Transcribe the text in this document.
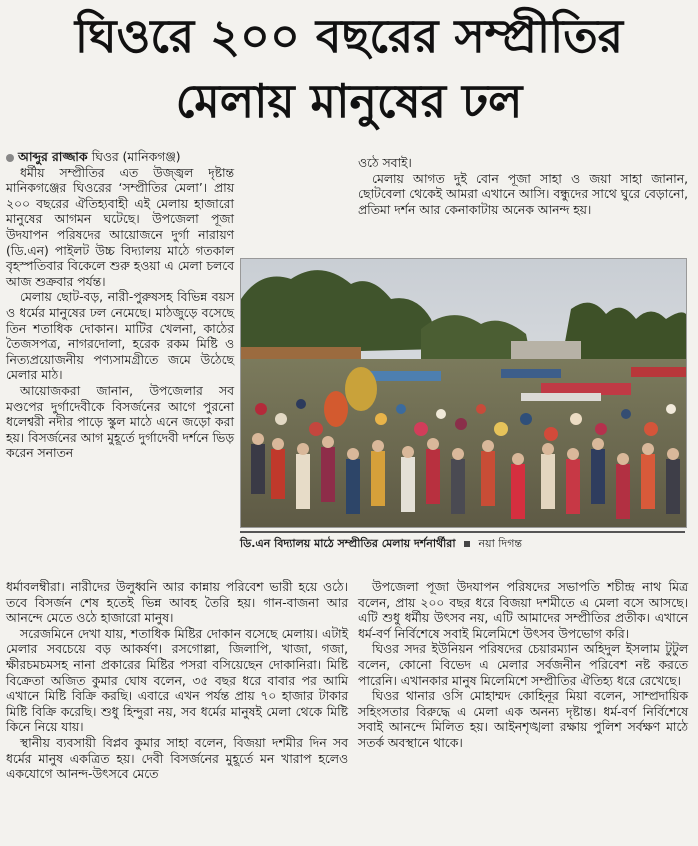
ঘিওরে ২০০ বছরের সম্প্রীতির
মেলায় মানুষের ঢল

আব্দুর রাজ্জাক ঘিওর (মানিকগঞ্জ)

ধর্মীয় সম্প্রীতির এত উজ্জ্বল দৃষ্টান্ত মানিকগঞ্জের ঘিওরের ‘সম্প্রীতির মেলা’। প্রায় ২০০ বছরের ঐতিহ্যবাহী এই মেলায় হাজারো মানুষের আগমন ঘটেছে। উপজেলা পূজা উদযাপন পরিষদের আয়োজনে দুর্গা নারায়ণ (ডি.এন) পাইলট উচ্চ বিদ্যালয় মাঠে গতকাল বৃহস্পতিবার বিকেলে শুরু হওয়া এ মেলা চলবে আজ শুক্রবার পর্যন্ত।

মেলায় ছোট-বড়, নারী-পুরুষসহ বিভিন্ন বয়স ও ধর্মের মানুষের ঢল নেমেছে। মাঠজুড়ে বসেছে তিন শতাধিক দোকান। মাটির খেলনা, কাঠের তৈজসপত্র, নাগরদোলা, হরেক রকম মিষ্টি ও নিত্যপ্রয়োজনীয় পণ্যসামগ্রীতে জমে উঠেছে মেলার মাঠ।

আয়োজকরা জানান, উপজেলার সব মণ্ডপের দুর্গাদেবীকে বিসর্জনের আগে পুরনো ধলেশ্বরী নদীর পাড়ে স্কুল মাঠে এনে জড়ো করা হয়। বিসর্জনের আগ মুহূর্তে দুর্গাদেবী দর্শনে ভিড় করেন সনাতন

ওঠে সবাই।

মেলায় আগত দুই বোন পূজা সাহা ও জয়া সাহা জানান, ছোটবেলা থেকেই আমরা এখানে আসি। বন্ধুদের সাথে ঘুরে বেড়ানো, প্রতিমা দর্শন আর কেনাকাটায় অনেক আনন্দ হয়।

ডি.এন বিদ্যালয় মাঠে সম্প্রীতির মেলায় দর্শনার্থীরা নয়া দিগন্ত

ধর্মাবলম্বীরা। নারীদের উলুধ্বনি আর কান্নায় পরিবেশ ভারী হয়ে ওঠে। তবে বিসর্জন শেষ হতেই ভিন্ন আবহ তৈরি হয়। গান-বাজনা আর আনন্দে মেতে ওঠে হাজারো মানুষ।

সরেজমিনে দেখা যায়, শতাধিক মিষ্টির দোকান বসেছে মেলায়। এটাই মেলার সবচেয়ে বড় আকর্ষণ। রসগোল্লা, জিলাপি, খাজা, গজা, ক্ষীরচমচমসহ নানা প্রকারের মিষ্টির পসরা বসিয়েছেন দোকানিরা। মিষ্টি বিক্রেতা অজিত কুমার ঘোষ বলেন, ৩৫ বছর ধরে বাবার পর আমি এখানে মিষ্টি বিক্রি করছি। এবারে এখন পর্যন্ত প্রায় ৭০ হাজার টাকার মিষ্টি বিক্রি করেছি। শুধু হিন্দুরা নয়, সব ধর্মের মানুষই মেলা থেকে মিষ্টি কিনে নিয়ে যায়।

স্থানীয় ব্যবসায়ী বিপ্লব কুমার সাহা বলেন, বিজয়া দশমীর দিন সব ধর্মের মানুষ একত্রিত হয়। দেবী বিসর্জনের মুহূর্তে মন খারাপ হলেও একযোগে আনন্দ-উৎসবে মেতে

উপজেলা পূজা উদযাপন পরিষদের সভাপতি শচীন্দ্র নাথ মিত্র বলেন, প্রায় ২০০ বছর ধরে বিজয়া দশমীতে এ মেলা বসে আসছে। এটি শুধু ধর্মীয় উৎসব নয়, এটি আমাদের সম্প্রীতির প্রতীক। এখানে ধর্ম-বর্ণ নির্বিশেষে সবাই মিলেমিশে উৎসব উপভোগ করি।

ঘিওর সদর ইউনিয়ন পরিষদের চেয়ারম্যান অহিদুল ইসলাম টুটুল বলেন, কোনো বিভেদ এ মেলার সর্বজনীন পরিবেশ নষ্ট করতে পারেনি। এখানকার মানুষ মিলেমিশে সম্প্রীতির ঐতিহ্য ধরে রেখেছে।

ঘিওর থানার ওসি মোহাম্মদ কোহিনূর মিয়া বলেন, সাম্প্রদায়িক সহিংসতার বিরুদ্ধে এ মেলা এক অনন্য দৃষ্টান্ত। ধর্ম-বর্ণ নির্বিশেষে সবাই আনন্দে মিলিত হয়। আইনশৃঙ্খলা রক্ষায় পুলিশ সর্বক্ষণ মাঠে সতর্ক অবস্থানে থাকে।
